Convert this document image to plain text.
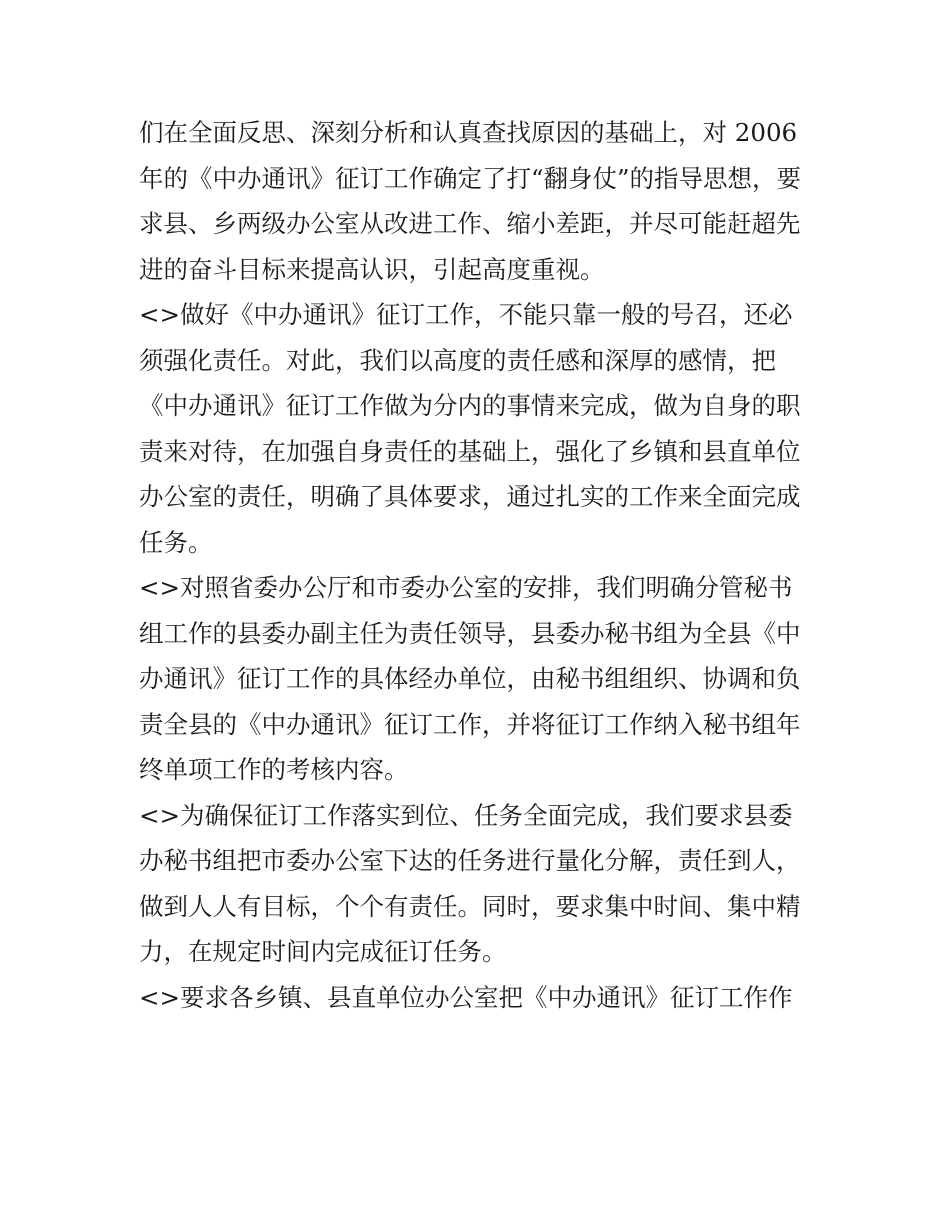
们在全面反思、深刻分析和认真查找原因的基础上，对 2006
年的《中办通讯》征订工作确定了打“翻身仗”的指导思想，要
求县、乡两级办公室从改进工作、缩小差距，并尽可能赶超先
进的奋斗目标来提高认识，引起高度重视。
<>做好《中办通讯》征订工作，不能只靠一般的号召，还必
须强化责任。对此，我们以高度的责任感和深厚的感情，把
《中办通讯》征订工作做为分内的事情来完成，做为自身的职
责来对待，在加强自身责任的基础上，强化了乡镇和县直单位
办公室的责任，明确了具体要求，通过扎实的工作来全面完成
任务。
<>对照省委办公厅和市委办公室的安排，我们明确分管秘书
组工作的县委办副主任为责任领导，县委办秘书组为全县《中
办通讯》征订工作的具体经办单位，由秘书组组织、协调和负
责全县的《中办通讯》征订工作，并将征订工作纳入秘书组年
终单项工作的考核内容。
<>为确保征订工作落实到位、任务全面完成，我们要求县委
办秘书组把市委办公室下达的任务进行量化分解，责任到人，
做到人人有目标，个个有责任。同时，要求集中时间、集中精
力，在规定时间内完成征订任务。
<>要求各乡镇、县直单位办公室把《中办通讯》征订工作作
